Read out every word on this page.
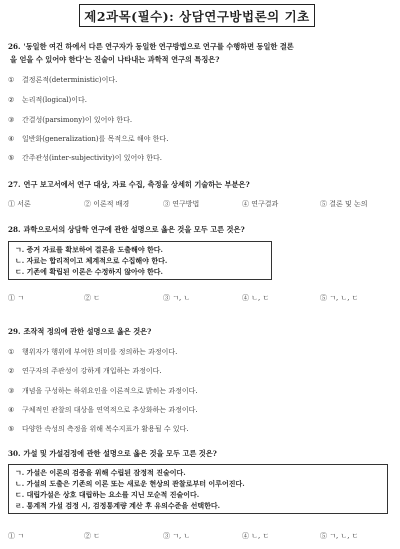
제2과목(필수): 상담연구방법론의 기초
26. '동일한 여건 하에서 다른 연구자가 동일한 연구방법으로 연구를 수행하면 동일한 결론
을 얻을 수 있어야 한다'는 진술이 나타내는 과학적 연구의 특징은?
① 결정론적(deterministic)이다.
② 논리적(logical)이다.
③ 간결성(parsimony)이 있어야 한다.
④ 일반화(generalization)를 목적으로 해야 한다.
⑤ 간주관성(inter-subjectivity)이 있어야 한다.
27. 연구 보고서에서 연구 대상, 자료 수집, 측정을 상세히 기술하는 부분은?
① 서론	② 이론적 배경	③ 연구방법	④ 연구결과	⑤ 결론 및 논의
28. 과학으로서의 상담학 연구에 관한 설명으로 옳은 것을 모두 고른 것은?
ㄱ. 증거 자료를 확보하여 결론을 도출해야 한다.
ㄴ. 자료는 합리적이고 체계적으로 수집해야 한다.
ㄷ. 기존에 확립된 이론은 수정하지 않아야 한다.
① ㄱ	② ㄷ	③ ㄱ, ㄴ	④ ㄴ, ㄷ	⑤ ㄱ, ㄴ, ㄷ
29. 조작적 정의에 관한 설명으로 옳은 것은?
① 행위자가 행위에 부여한 의미를 정의하는 과정이다.
② 연구자의 주관성이 강하게 개입하는 과정이다.
③ 개념을 구성하는 하위요인을 이론적으로 밝히는 과정이다.
④ 구체적인 관찰의 대상을 연역적으로 추상화하는 과정이다.
⑤ 다양한 속성의 측정을 위해 복수지표가 활용될 수 있다.
30. 가설 및 가설검정에 관한 설명으로 옳은 것을 모두 고른 것은?
ㄱ. 가설은 이론의 검증을 위해 수립된 잠정적 진술이다.
ㄴ. 가설의 도출은 기존의 이론 또는 새로운 현상의 관찰로부터 이루어진다.
ㄷ. 대립가설은 상호 대립하는 요소를 지닌 모순적 진술이다.
ㄹ. 통계적 가설 검정 시, 검정통계량 계산 후 유의수준을 선택한다.
① ㄱ	② ㄷ	③ ㄱ, ㄴ	④ ㄴ, ㄷ	⑤ ㄱ, ㄴ, ㄷ
